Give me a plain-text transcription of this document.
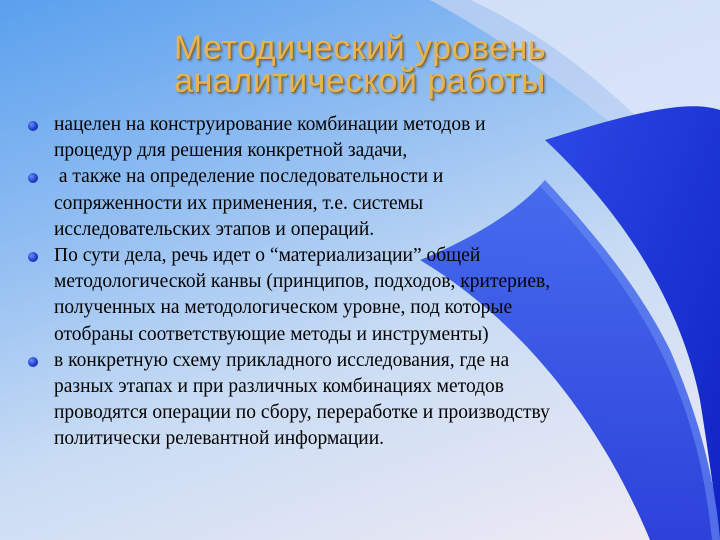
Методический уровень
аналитической работы
нацелен на конструирование комбинации методов и
процедур для решения конкретной задачи,
а также на определение последовательности и
сопряженности их применения, т.е. системы
исследовательских этапов и операций.
По сути дела, речь идет о “материализации” общей
методологической канвы (принципов, подходов, критериев,
полученных на методологическом уровне, под которые
отобраны соответствующие методы и инструменты)
в конкретную схему прикладного исследования, где на
разных этапах и при различных комбинациях методов
проводятся операции по сбору, переработке и производству
политически релевантной информации.
